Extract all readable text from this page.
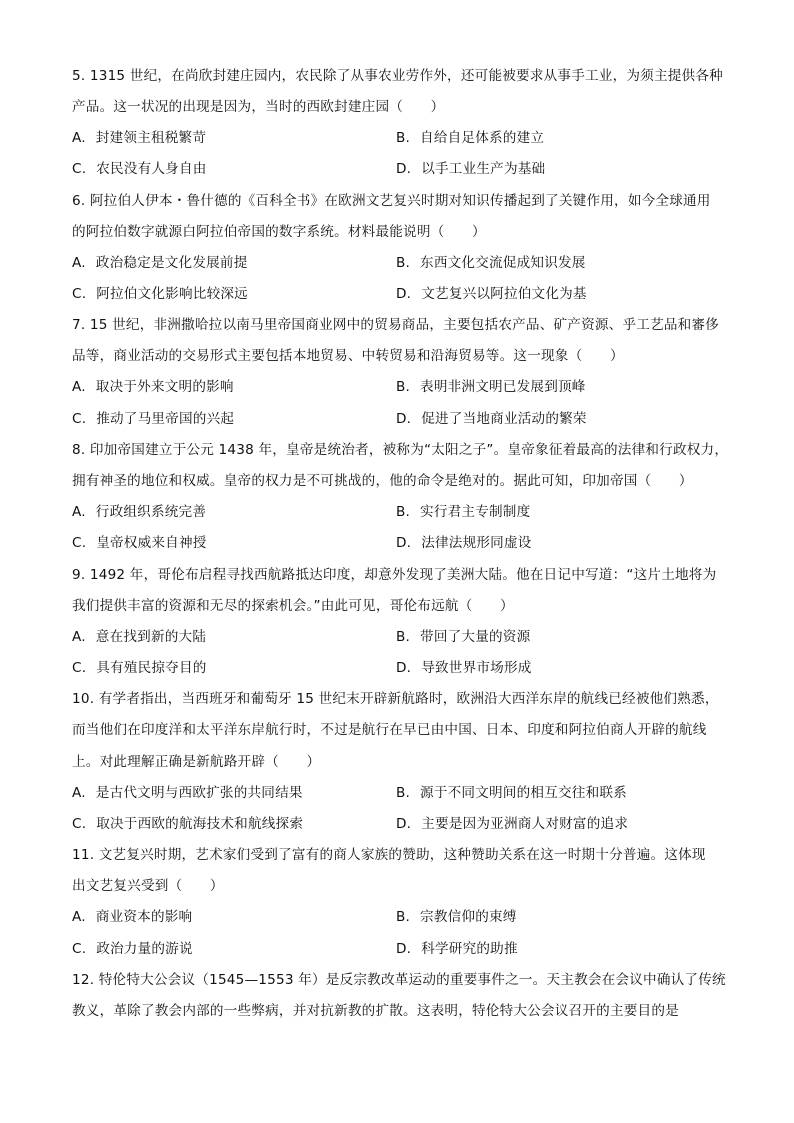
5. 1315 世纪，在尚欣封建庄园内，农民除了从事农业劳作外，还可能被要求从事手工业，为须主提供各种
产品。这一状况的出现是因为，当时的西欧封建庄园（　　）
A. 封建领主租税繁苛	B. 自给自足体系的建立
C. 农民没有人身自由	D. 以手工业生产为基础
6. 阿拉伯人伊本・鲁什德的《百科全书》在欧洲文艺复兴时期对知识传播起到了关键作用，如今全球通用
的阿拉伯数字就源白阿拉伯帝国的数字系统。材料最能说明（　　）
A. 政治稳定是文化发展前提	B. 东西文化交流促成知识发展
C. 阿拉伯文化影响比较深远	D. 文艺复兴以阿拉伯文化为基
7. 15 世纪，非洲撒哈拉以南马里帝国商业网中的贸易商品，主要包括农产品、矿产资源、乎工艺品和審侈
品等，商业活动的交易形式主要包括本地贸易、中转贸易和沿海贸易等。这一现象（　　）
A. 取决于外来文明的影响	B. 表明非洲文明已发展到顶峰
C. 推动了马里帝国的兴起	D. 促进了当地商业活动的繁荣
8. 印加帝国建立于公元 1438 年，皇帝是统治者，被称为“太阳之子”。皇帝象征着最高的法律和行政权力，
拥有神圣的地位和权威。皇帝的权力是不可挑战的，他的命令是绝对的。据此可知，印加帝国（　　）
A. 行政组织系统完善	B. 实行君主专制制度
C. 皇帝权威来自神授	D. 法律法规形同虚设
9. 1492 年，哥伦布启程寻找西航路抵达印度，却意外发现了美洲大陆。他在日记中写道：“这片土地将为
我们提供丰富的资源和无尽的探索机会。”由此可见，哥伦布远航（　　）
A. 意在找到新的大陆	B. 带回了大量的资源
C. 具有殖民掠夺目的	D. 导致世界市场形成
10. 有学者指出，当西班牙和葡萄牙 15 世纪末开辟新航路时，欧洲沿大西洋东岸的航线已经被他们熟悉，
而当他们在印度洋和太平洋东岸航行时，不过是航行在早已由中国、日本、印度和阿拉伯商人开辟的航线
上。对此理解正确是新航路开辟（　　）
A. 是古代文明与西欧扩张的共同结果	B. 源于不同文明间的相互交往和联系
C. 取决于西欧的航海技术和航线探索	D. 主要是因为亚洲商人对财富的追求
11. 文艺复兴时期，艺术家们受到了富有的商人家族的赞助，这种赞助关系在这一时期十分普遍。这体现
出文艺复兴受到（　　）
A. 商业资本的影响	B. 宗教信仰的束缚
C. 政治力量的游说	D. 科学研究的助推
12. 特伦特大公会议（1545—1553 年）是反宗教改革运动的重要事件之一。天主教会在会议中确认了传统
教义，革除了教会内部的一些弊病，并对抗新教的扩散。这表明，特伦特大公会议召开的主要目的是
